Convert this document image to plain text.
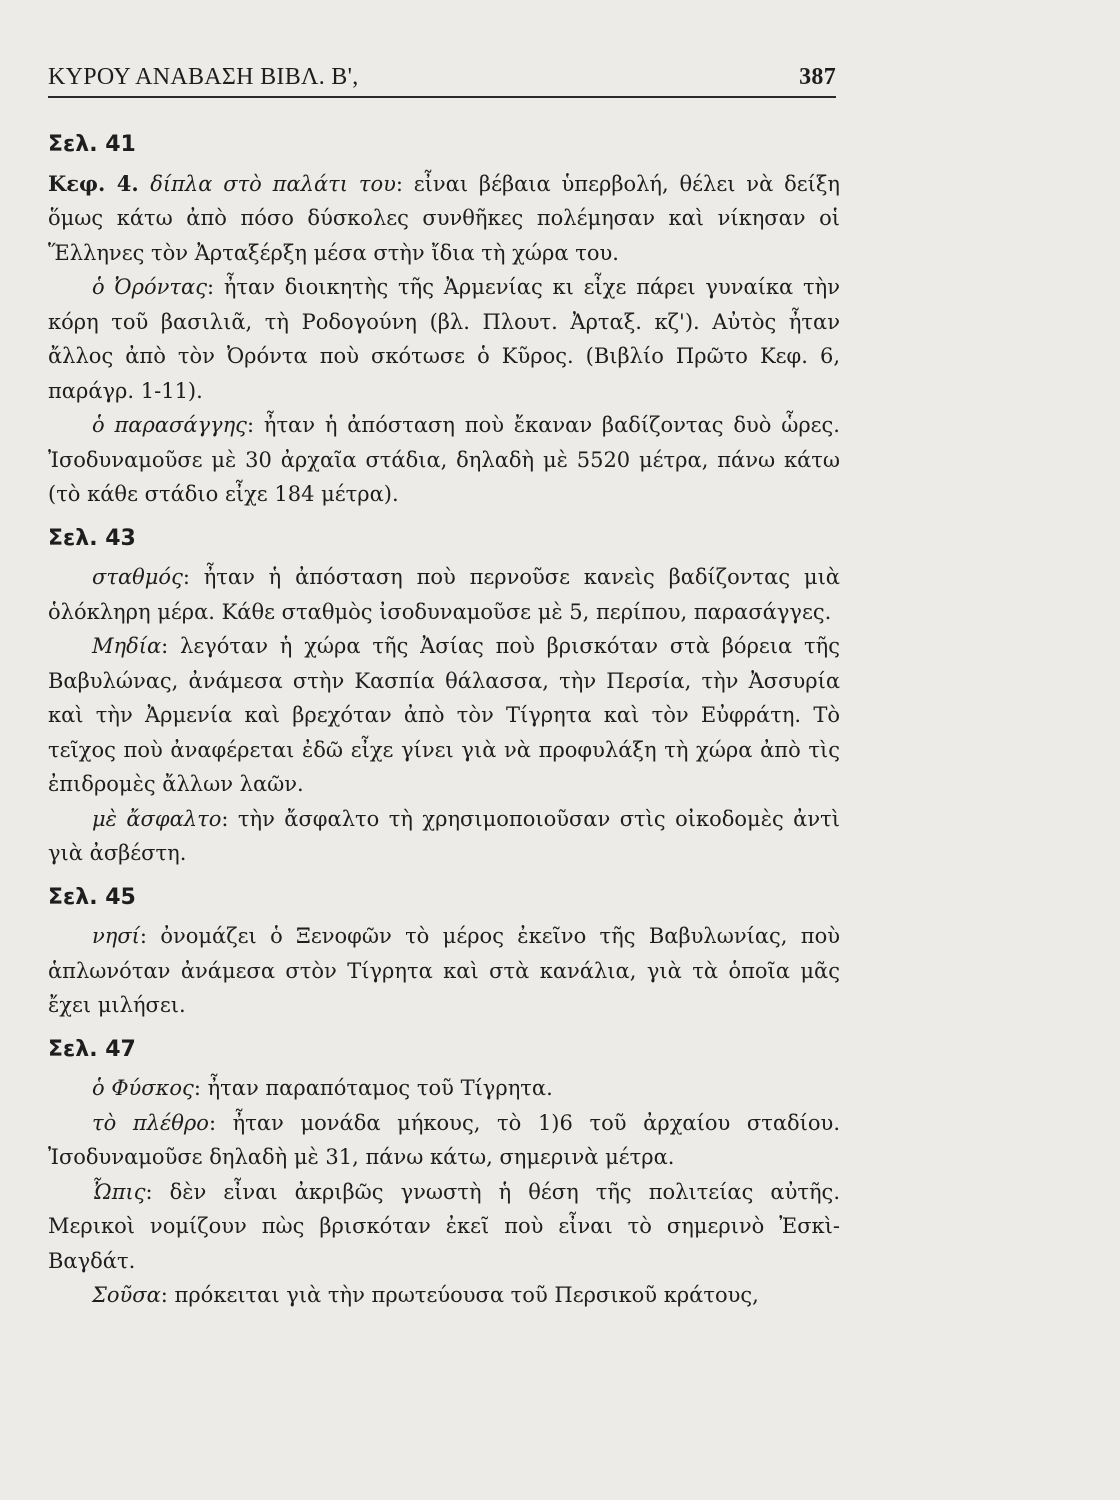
ΚΥΡΟΥ ΑΝΑΒΑΣΗ ΒΙΒΛ. Β',	387
Σελ. 41
Κεφ. 4. δίπλα στὸ παλάτι του: εἶναι βέβαια ὑπερβολή, θέλει νὰ δείξη ὅμως κάτω ἀπὸ πόσο δύσκολες συνθῆκες πολέμησαν καὶ νίκησαν οἱ Ἕλληνες τὸν Ἀρταξέρξη μέσα στὴν ἴδια τὴ χώρα του.
ὁ Ὀρόντας: ἦταν διοικητὴς τῆς Ἀρμενίας κι εἶχε πάρει γυναίκα τὴν κόρη τοῦ βασιλιᾶ, τὴ Ροδογούνη (βλ. Πλουτ. Ἀρταξ. κζ'). Αὐτὸς ἦταν ἄλλος ἀπὸ τὸν Ὀρόντα ποὺ σκότωσε ὁ Κῦρος. (Βιβλίο Πρῶτο Κεφ. 6, παράγρ. 1-11).
ὁ παρασάγγης: ἦταν ἡ ἀπόσταση ποὺ ἔκαναν βαδίζοντας δυὸ ὧρες. Ἰσοδυναμοῦσε μὲ 30 ἀρχαῖα στάδια, δηλαδὴ μὲ 5520 μέτρα, πάνω κάτω (τὸ κάθε στάδιο εἶχε 184 μέτρα).
Σελ. 43
σταθμός: ἦταν ἡ ἀπόσταση ποὺ περνοῦσε κανεὶς βαδίζοντας μιὰ ὁλόκληρη μέρα. Κάθε σταθμὸς ἰσοδυναμοῦσε μὲ 5, περίπου, παρασάγγες.
Μηδία: λεγόταν ἡ χώρα τῆς Ἀσίας ποὺ βρισκόταν στὰ βόρεια τῆς Βαβυλώνας, ἀνάμεσα στὴν Κασπία θάλασσα, τὴν Περσία, τὴν Ἀσσυρία καὶ τὴν Ἀρμενία καὶ βρεχόταν ἀπὸ τὸν Τίγρητα καὶ τὸν Εὐφράτη. Τὸ τεῖχος ποὺ ἀναφέρεται ἐδῶ εἶχε γίνει γιὰ νὰ προφυλάξη τὴ χώρα ἀπὸ τὶς ἐπιδρομὲς ἄλλων λαῶν.
μὲ ἄσφαλτο: τὴν ἄσφαλτο τὴ χρησιμοποιοῦσαν στὶς οἰκοδομὲς ἀντὶ γιὰ ἀσβέστη.
Σελ. 45
νησί: ὀνομάζει ὁ Ξενοφῶν τὸ μέρος ἐκεῖνο τῆς Βαβυλωνίας, ποὺ ἁπλωνόταν ἀνάμεσα στὸν Τίγρητα καὶ στὰ κανάλια, γιὰ τὰ ὁποῖα μᾶς ἔχει μιλήσει.
Σελ. 47
ὁ Φύσκος: ἦταν παραπόταμος τοῦ Τίγρητα.
τὸ πλέθρο: ἦταν μονάδα μήκους, τὸ 1)6 τοῦ ἀρχαίου σταδίου. Ἰσοδυναμοῦσε δηλαδὴ μὲ 31, πάνω κάτω, σημερινὰ μέτρα.
Ὦπις: δὲν εἶναι ἀκριβῶς γνωστὴ ἡ θέση τῆς πολιτείας αὐτῆς. Μερικοὶ νομίζουν πὼς βρισκόταν ἐκεῖ ποὺ εἶναι τὸ σημερινὸ Ἐσκὶ-Βαγδάτ.
Σοῦσα: πρόκειται γιὰ τὴν πρωτεύουσα τοῦ Περσικοῦ κράτους,
